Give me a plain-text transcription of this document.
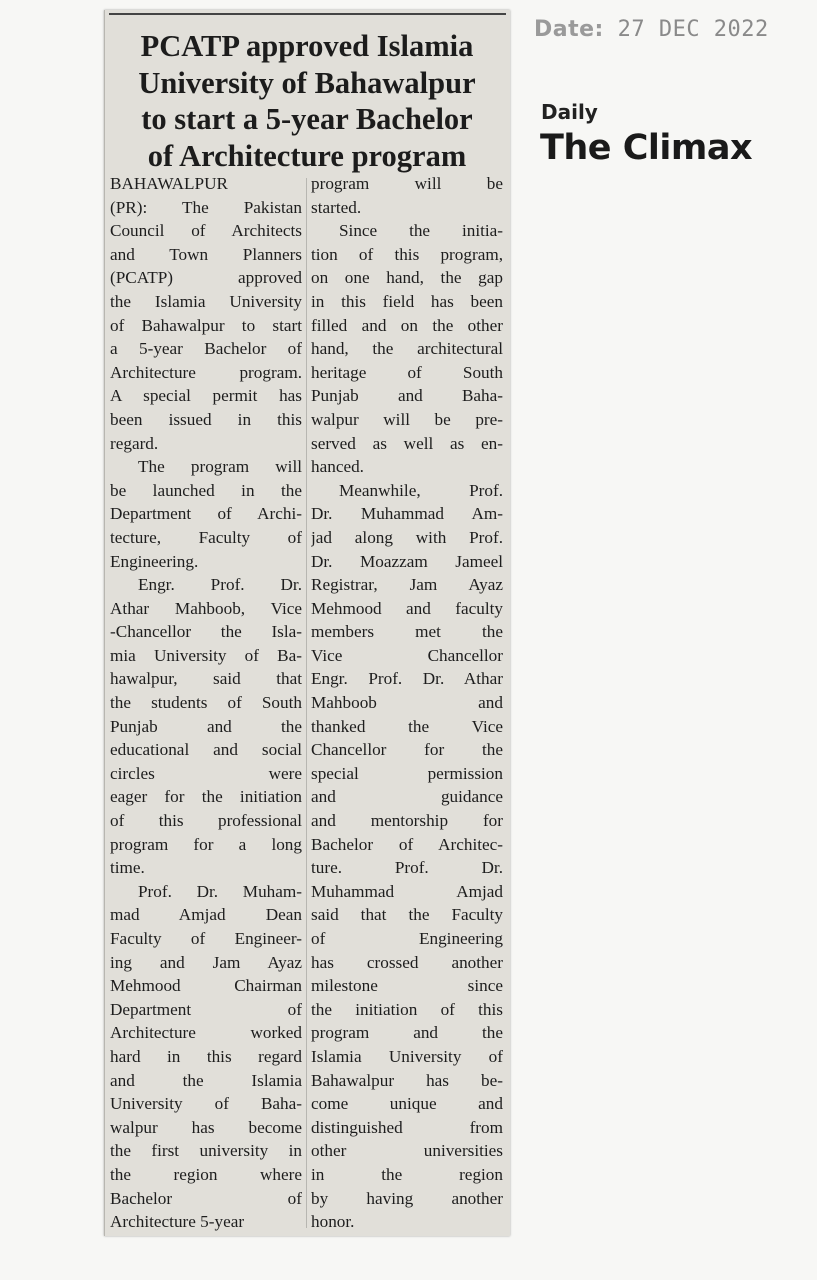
PCATP approved Islamia
University of Bahawalpur
to start a 5-year Bachelor
of Architecture program
BAHAWALPUR
(PR): The Pakistan
Council of Architects
and Town Planners
(PCATP) approved
the Islamia University
of Bahawalpur to start
a 5-year Bachelor of
Architecture program.
A special permit has
been issued in this
regard.
The program will
be launched in the
Department of Archi-
tecture, Faculty of
Engineering.
Engr. Prof. Dr.
Athar Mahboob, Vice
-Chancellor the Isla-
mia University of Ba-
hawalpur, said that
the students of South
Punjab and the
educational and social
circles were
eager for the initiation
of this professional
program for a long
time.
Prof. Dr. Muham-
mad Amjad Dean
Faculty of Engineer-
ing and Jam Ayaz
Mehmood Chairman
Department of
Architecture worked
hard in this regard
and the Islamia
University of Baha-
walpur has become
the first university in
the region where
Bachelor of
Architecture 5-year
program will be
started.
Since the initia-
tion of this program,
on one hand, the gap
in this field has been
filled and on the other
hand, the architectural
heritage of South
Punjab and Baha-
walpur will be pre-
served as well as en-
hanced.
Meanwhile, Prof.
Dr. Muhammad Am-
jad along with Prof.
Dr. Moazzam Jameel
Registrar, Jam Ayaz
Mehmood and faculty
members met the
Vice Chancellor
Engr. Prof. Dr. Athar
Mahboob and
thanked the Vice
Chancellor for the
special permission
and guidance
and mentorship for
Bachelor of Architec-
ture. Prof. Dr.
Muhammad Amjad
said that the Faculty
of Engineering
has crossed another
milestone since
the initiation of this
program and the
Islamia University of
Bahawalpur has be-
come unique and
distinguished from
other universities
in the region
by having another
honor.
Date: 27 DEC 2022
Daily
The Climax
